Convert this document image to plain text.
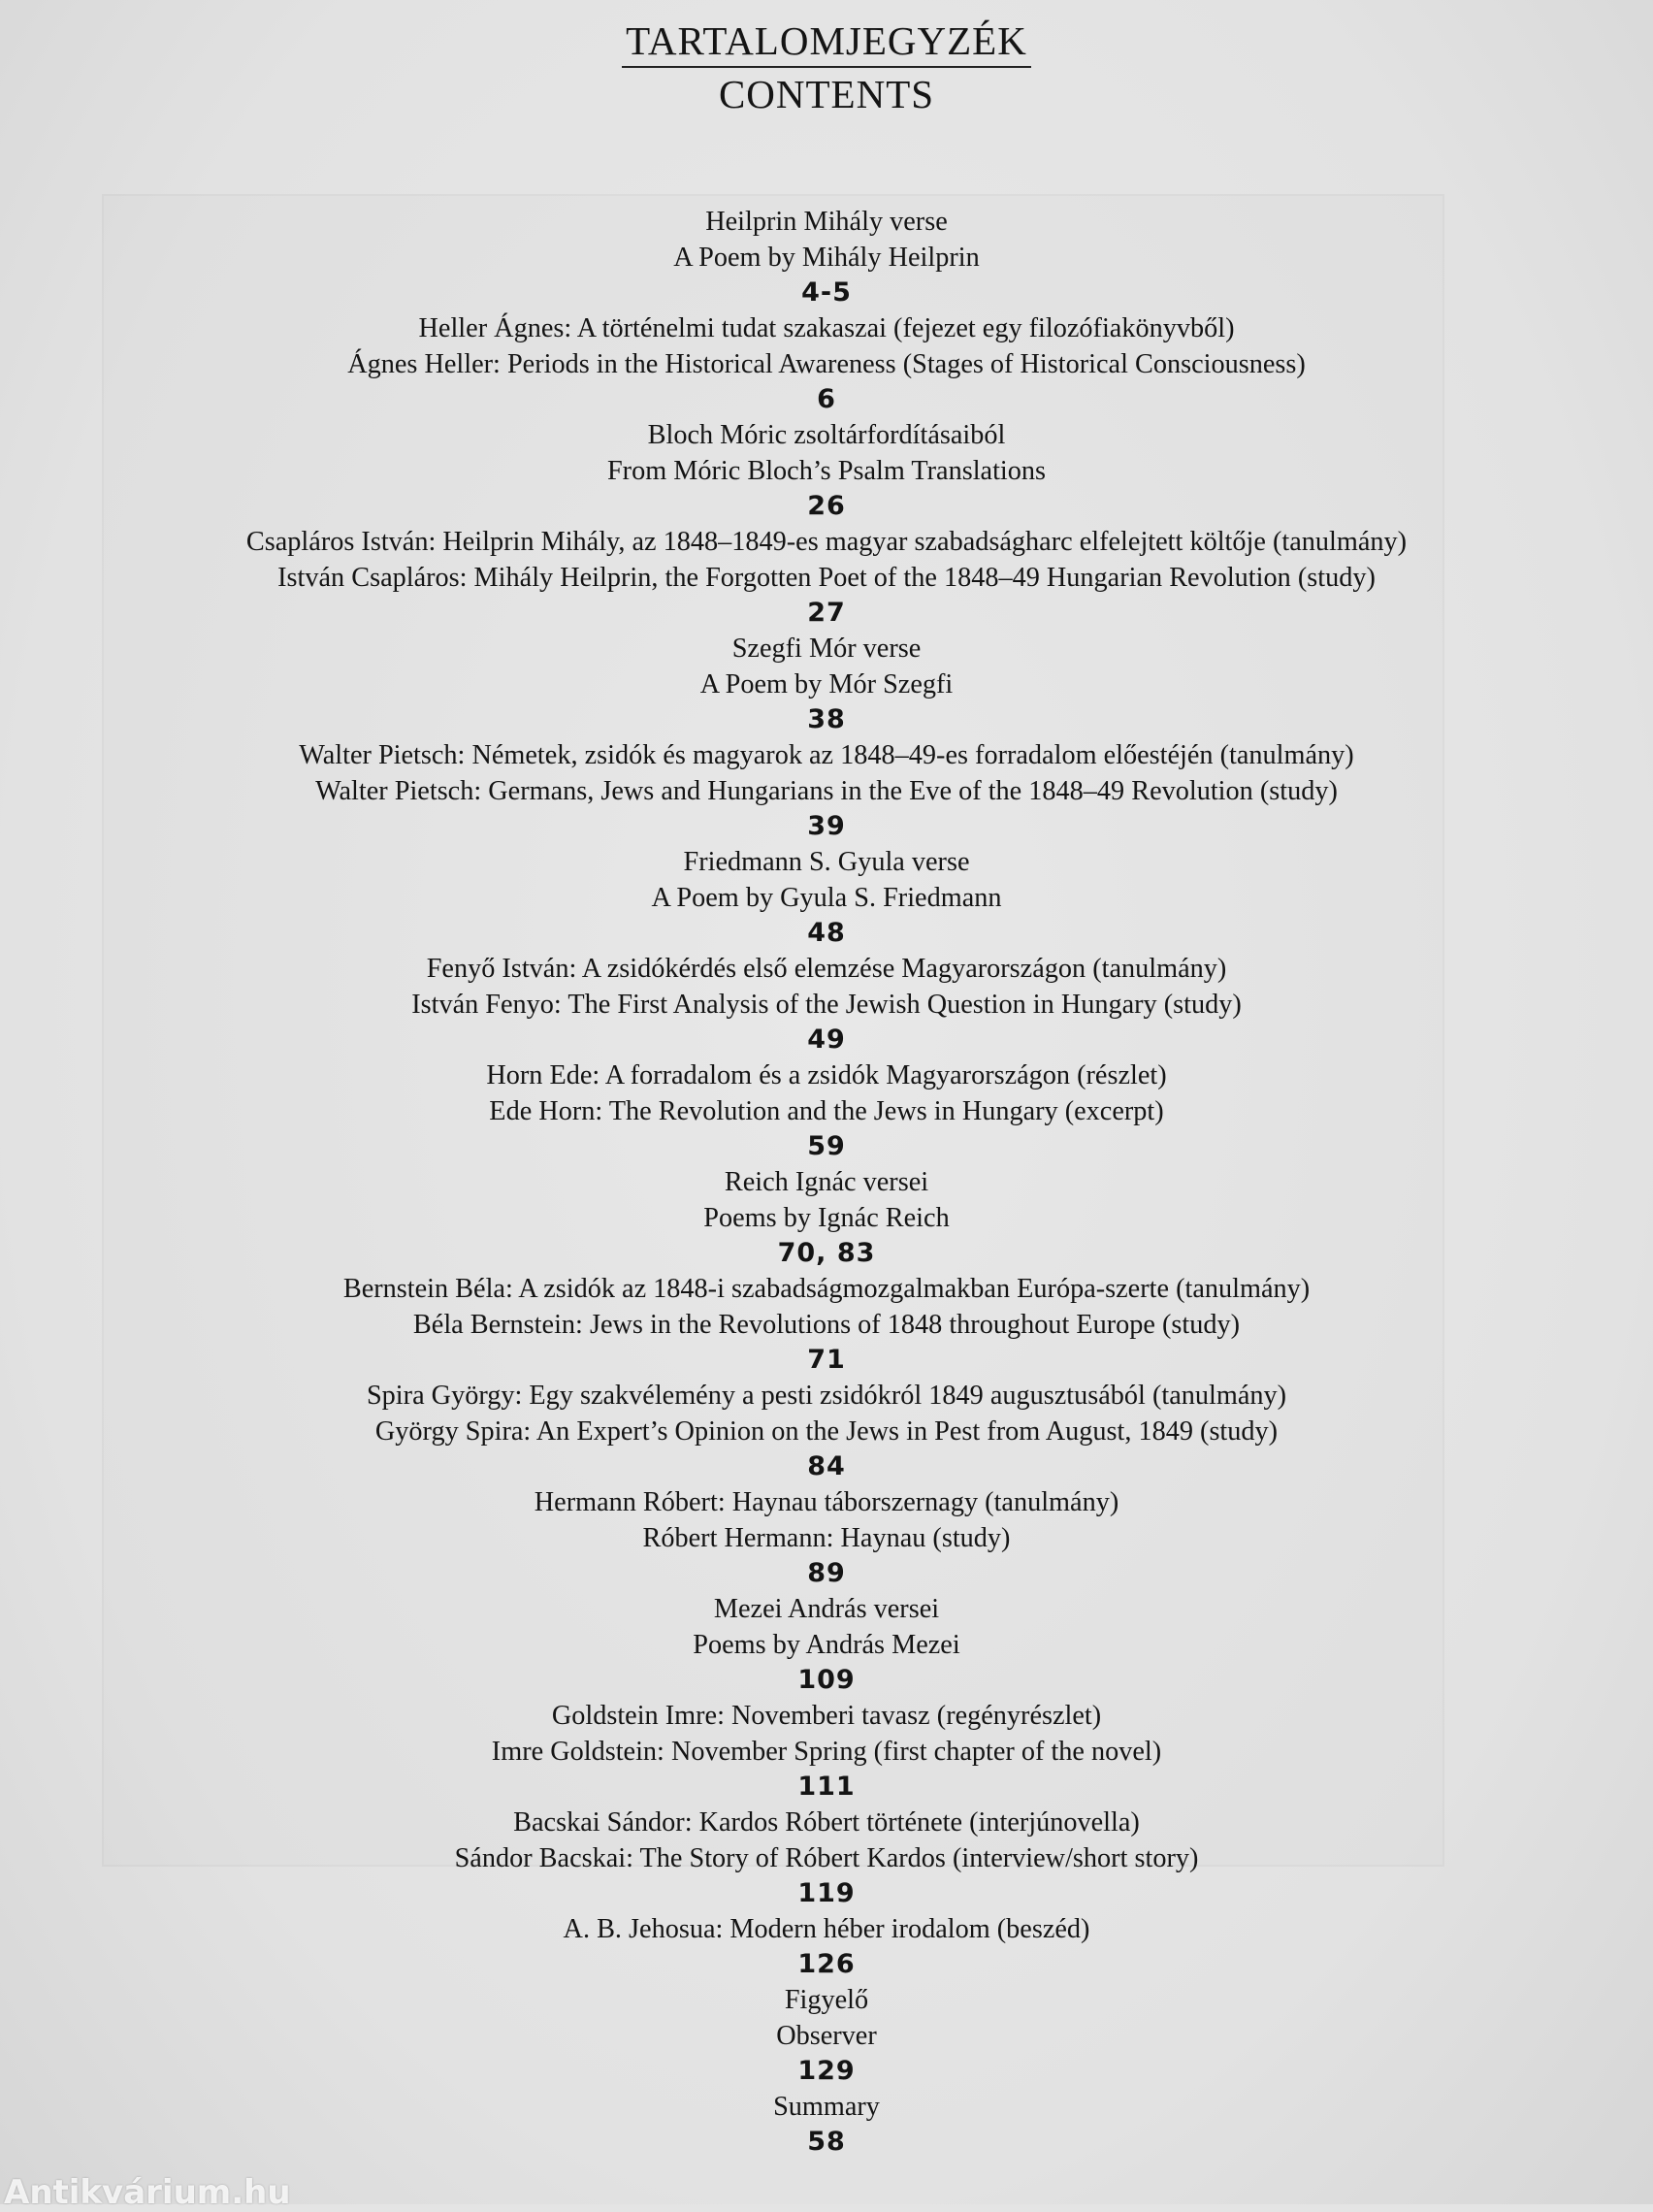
TARTALOMJEGYZÉK
CONTENTS
Heilprin Mihály verse
A Poem by Mihály Heilprin
4-5
Heller Ágnes: A történelmi tudat szakaszai (fejezet egy filozófiakönyvből)
Ágnes Heller: Periods in the Historical Awareness (Stages of Historical Consciousness)
6
Bloch Móric zsoltárfordításaiból
From Móric Bloch’s Psalm Translations
26
Csapláros István: Heilprin Mihály, az 1848–1849-es magyar szabadságharc elfelejtett költője (tanulmány)
István Csapláros: Mihály Heilprin, the Forgotten Poet of the 1848–49 Hungarian Revolution (study)
27
Szegfi Mór verse
A Poem by Mór Szegfi
38
Walter Pietsch: Németek, zsidók és magyarok az 1848–49-es forradalom előestéjén (tanulmány)
Walter Pietsch: Germans, Jews and Hungarians in the Eve of the 1848–49 Revolution (study)
39
Friedmann S. Gyula verse
A Poem by Gyula S. Friedmann
48
Fenyő István: A zsidókérdés első elemzése Magyarországon (tanulmány)
István Fenyo: The First Analysis of the Jewish Question in Hungary (study)
49
Horn Ede: A forradalom és a zsidók Magyarországon (részlet)
Ede Horn: The Revolution and the Jews in Hungary (excerpt)
59
Reich Ignác versei
Poems by Ignác Reich
70, 83
Bernstein Béla: A zsidók az 1848-i szabadságmozgalmakban Európa-szerte (tanulmány)
Béla Bernstein: Jews in the Revolutions of 1848 throughout Europe (study)
71
Spira György: Egy szakvélemény a pesti zsidókról 1849 augusztusából (tanulmány)
György Spira: An Expert’s Opinion on the Jews in Pest from August, 1849 (study)
84
Hermann Róbert: Haynau táborszernagy (tanulmány)
Róbert Hermann: Haynau (study)
89
Mezei András versei
Poems by András Mezei
109
Goldstein Imre: Novemberi tavasz (regényrészlet)
Imre Goldstein: November Spring (first chapter of the novel)
111
Bacskai Sándor: Kardos Róbert története (interjúnovella)
Sándor Bacskai: The Story of Róbert Kardos (interview/short story)
119
A. B. Jehosua: Modern héber irodalom (beszéd)
126
Figyelő
Observer
129
Summary
58
Antikvárium.hu
